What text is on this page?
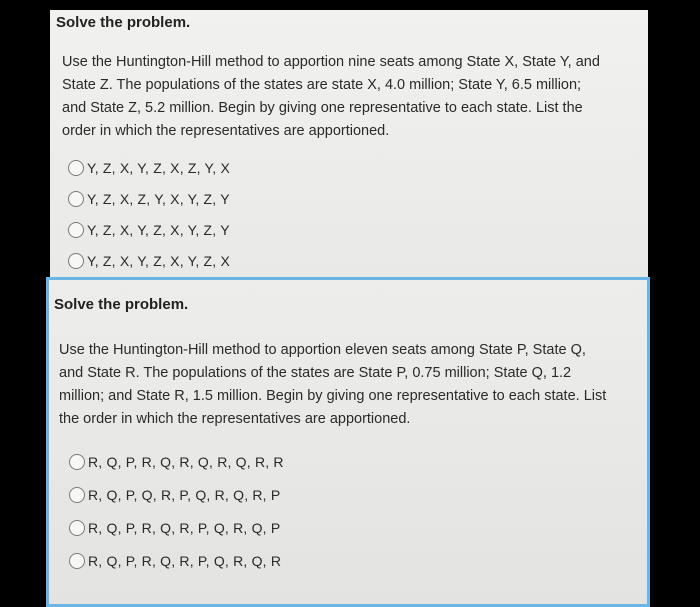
Solve the problem.
Use the Huntington-Hill method to apportion nine seats among State X, State Y, and
State Z. The populations of the states are state X, 4.0 million; State Y, 6.5 million;
and State Z, 5.2 million. Begin by giving one representative to each state. List the
order in which the representatives are apportioned.
Y, Z, X, Y, Z, X, Z, Y, X
Y, Z, X, Z, Y, X, Y, Z, Y
Y, Z, X, Y, Z, X, Y, Z, Y
Y, Z, X, Y, Z, X, Y, Z, X
Solve the problem.
Use the Huntington-Hill method to apportion eleven seats among State P, State Q,
and State R. The populations of the states are State P, 0.75 million; State Q, 1.2
million; and State R, 1.5 million. Begin by giving one representative to each state. List
the order in which the representatives are apportioned.
R, Q, P, R, Q, R, Q, R, Q, R, R
R, Q, P, Q, R, P, Q, R, Q, R, P
R, Q, P, R, Q, R, P, Q, R, Q, P
R, Q, P, R, Q, R, P, Q, R, Q, R
